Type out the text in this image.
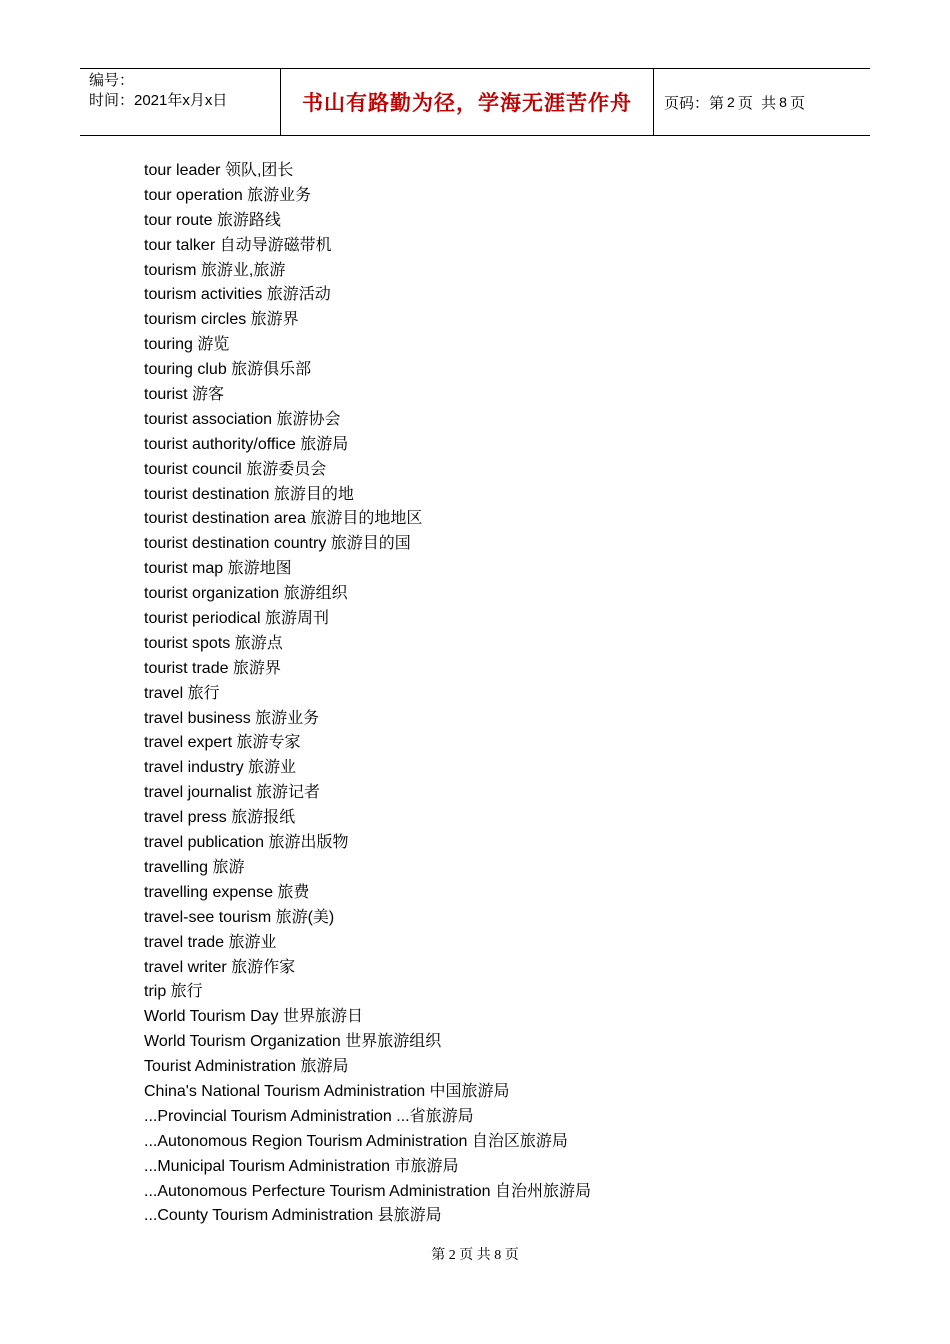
编号：
时间：2021年x月x日	书山有路勤为径，学海无涯苦作舟	页码：第 2 页  共 8 页
tour leader 领队,团长
tour operation 旅游业务
tour route 旅游路线
tour talker 自动导游磁带机
tourism 旅游业,旅游
tourism activities 旅游活动
tourism circles 旅游界
touring 游览
touring club 旅游俱乐部
tourist 游客
tourist association 旅游协会
tourist authority/office 旅游局
tourist council 旅游委员会
tourist destination 旅游目的地
tourist destination area 旅游目的地地区
tourist destination country 旅游目的国
tourist map 旅游地图
tourist organization 旅游组织
tourist periodical 旅游周刊
tourist spots 旅游点
tourist trade 旅游界
travel 旅行
travel business 旅游业务
travel expert 旅游专家
travel industry 旅游业
travel journalist 旅游记者
travel press 旅游报纸
travel publication 旅游出版物
travelling 旅游
travelling expense 旅费
travel-see tourism 旅游(美)
travel trade 旅游业
travel writer 旅游作家
trip 旅行
World Tourism Day 世界旅游日
World Tourism Organization 世界旅游组织
Tourist Administration 旅游局
China's National Tourism Administration 中国旅游局
...Provincial Tourism Administration ...省旅游局
...Autonomous Region Tourism Administration 自治区旅游局
...Municipal Tourism Administration 市旅游局
...Autonomous Perfecture Tourism Administration 自治州旅游局
...County Tourism Administration 县旅游局
第 2 页 共 8 页
